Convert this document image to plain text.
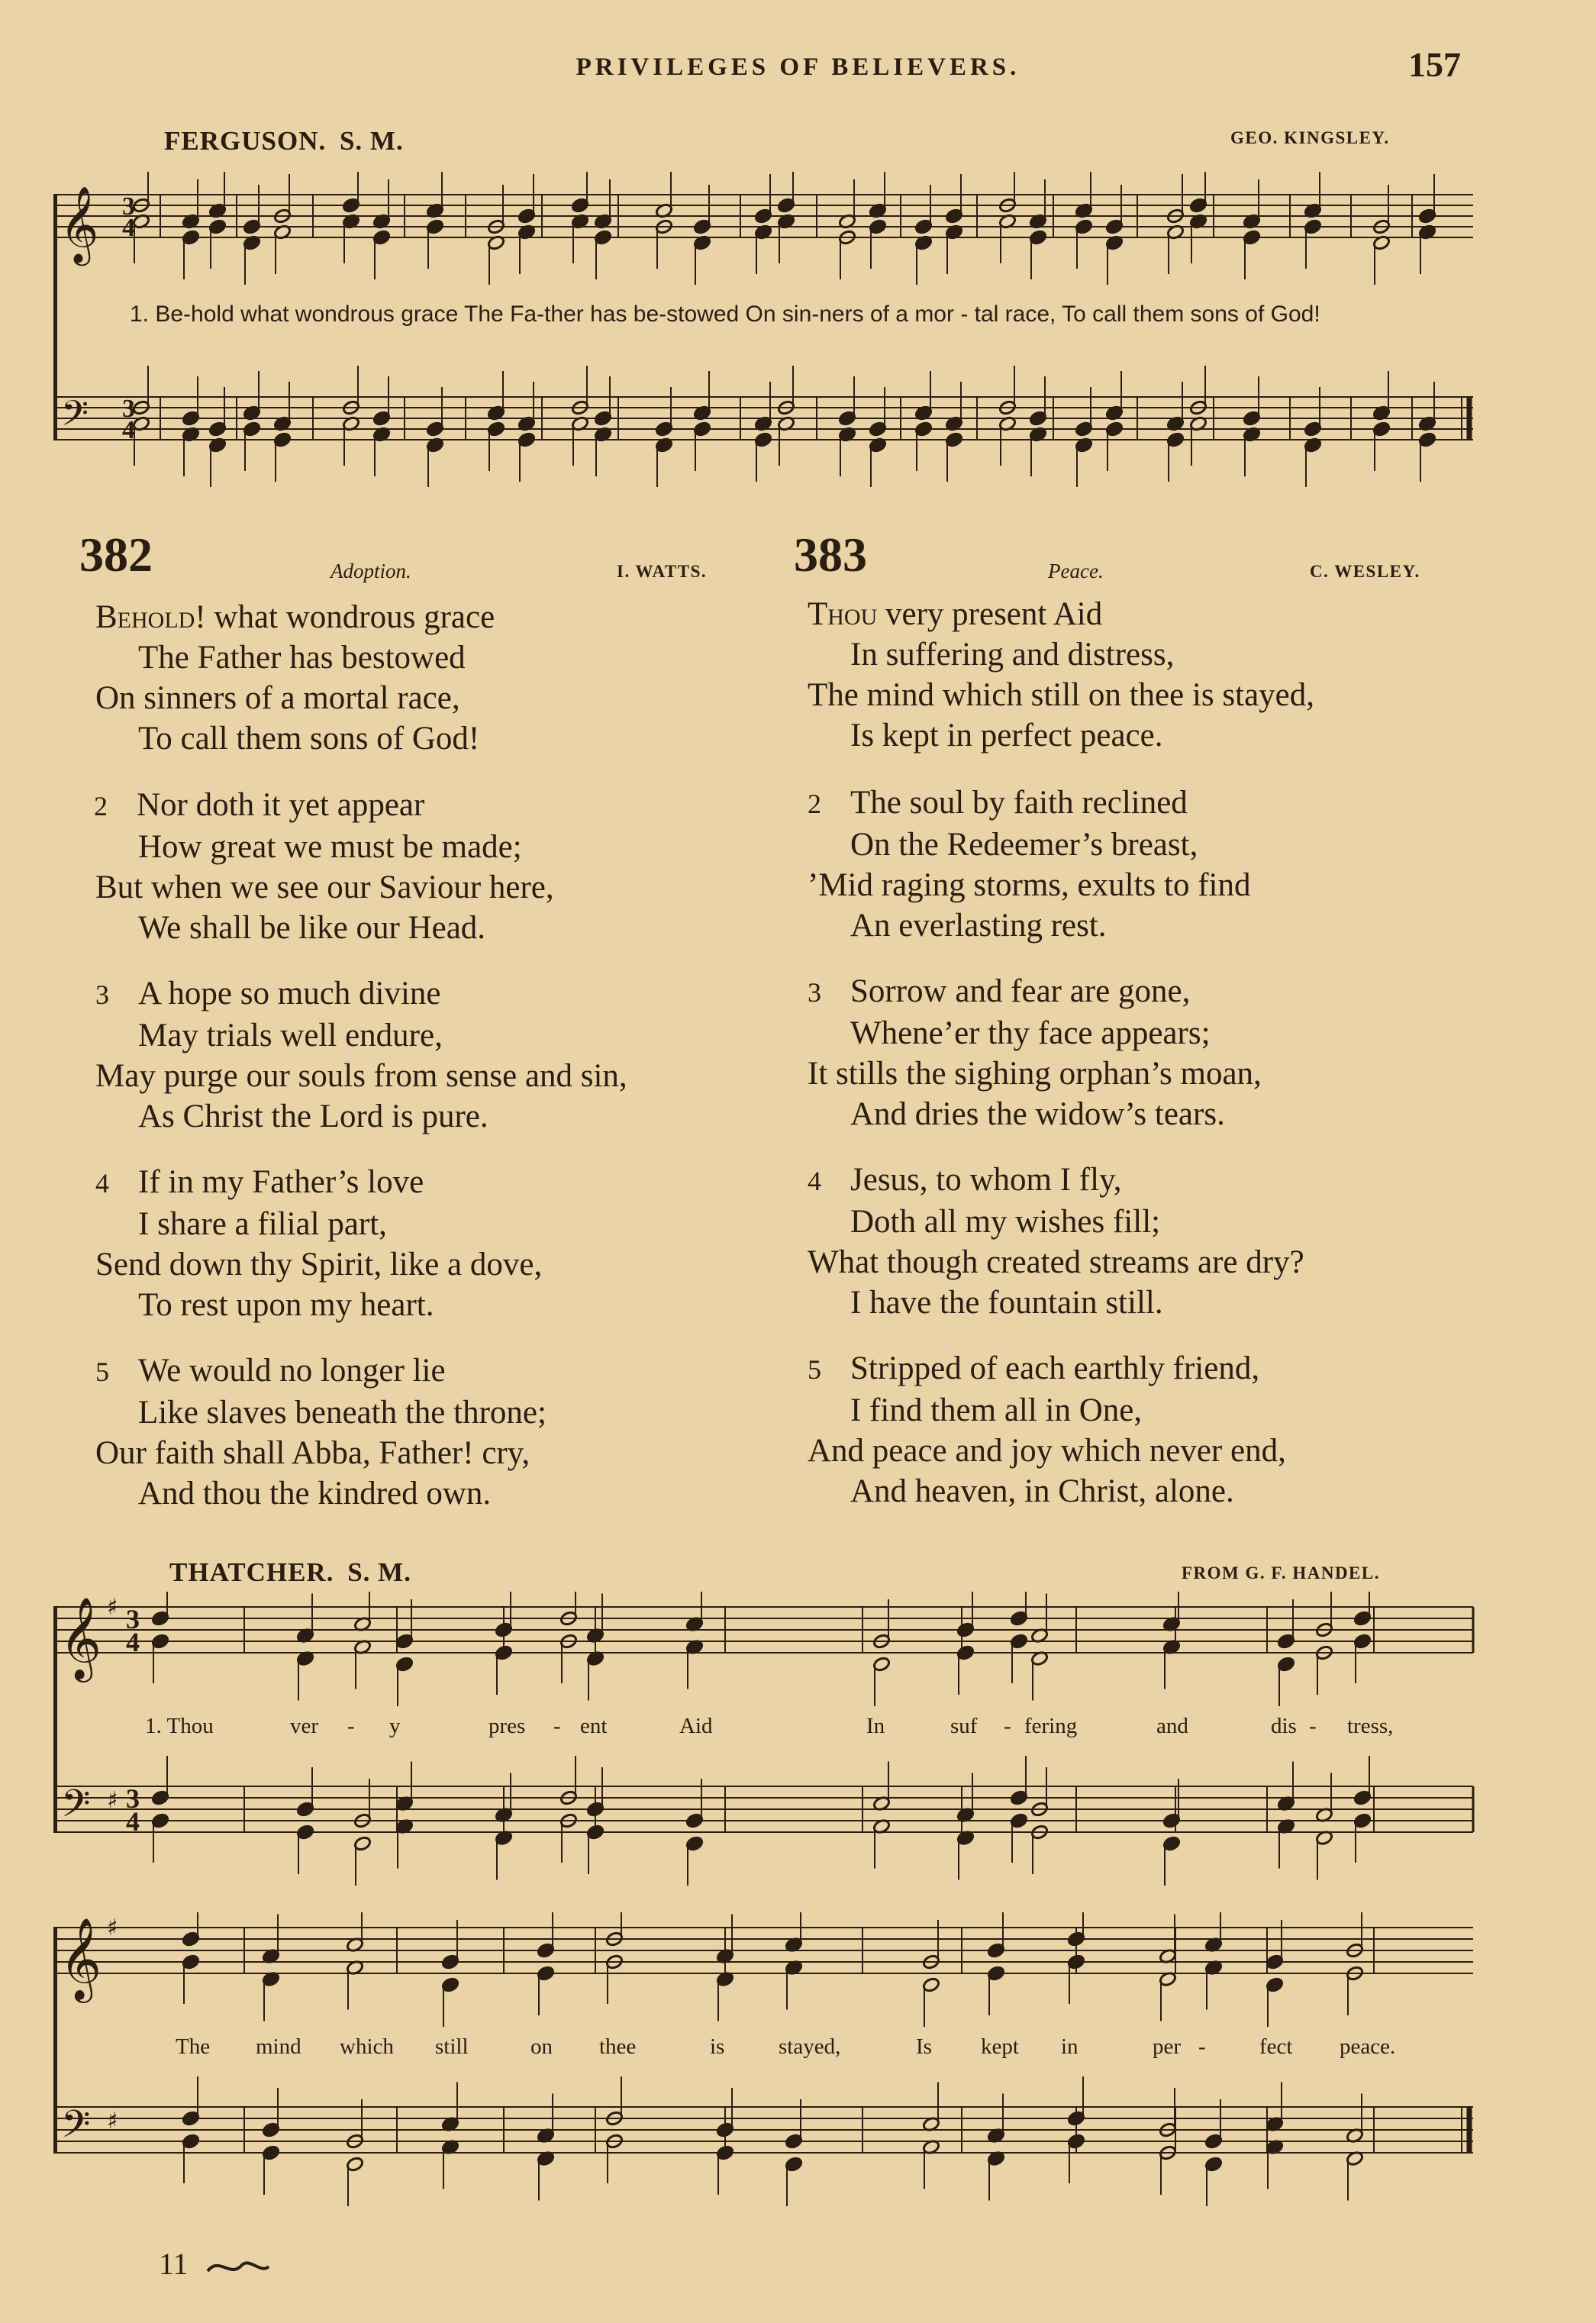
PRIVILEGES OF BELIEVERS.	157
FERGUSON. S. M.	GEO. KINGSLEY.
𝄞
𝄢
3
4
3
4
1. Be-hold what wondrous grace The Fa-ther has be-stowed On sin-ners of a mor - tal race, To call them sons of God!
382	Adoption.	I. WATTS. 383	Peace.	C. WESLEY.
Behold! what wondrous grace
The Father has bestowed
On sinners of a mortal race,
To call them sons of God!
2 Nor doth it yet appear
How great we must be made;
But when we see our Saviour here,
We shall be like our Head.
3 A hope so much divine
May trials well endure,
May purge our souls from sense and sin,
As Christ the Lord is pure.
4 If in my Father’s love
I share a filial part,
Send down thy Spirit, like a dove,
To rest upon my heart.
5 We would no longer lie
Like slaves beneath the throne;
Our faith shall Abba, Father! cry,
And thou the kindred own.
Thou very present Aid
In suffering and distress,
The mind which still on thee is stayed,
Is kept in perfect peace.
2 The soul by faith reclined
On the Redeemer’s breast,
’Mid raging storms, exults to find
An everlasting rest.
3 Sorrow and fear are gone,
Whene’er thy face appears;
It stills the sighing orphan’s moan,
And dries the widow’s tears.
4 Jesus, to whom I fly,
Doth all my wishes fill;
What though created streams are dry?
I have the fountain still.
5 Stripped of each earthly friend,
I find them all in One,
And peace and joy which never end,
And heaven, in Christ, alone.
THATCHER. S. M.	FROM G. F. HANDEL.
𝄞
𝄢
♯
♯
3
4
3
4
1. Thou	ver - y	pres - ent	Aid	In	suf - fering	and	dis - tress,
𝄞
𝄢
♯
♯
The mind which still	on thee	is stayed,	Is kept in	per - fect peace.
11
